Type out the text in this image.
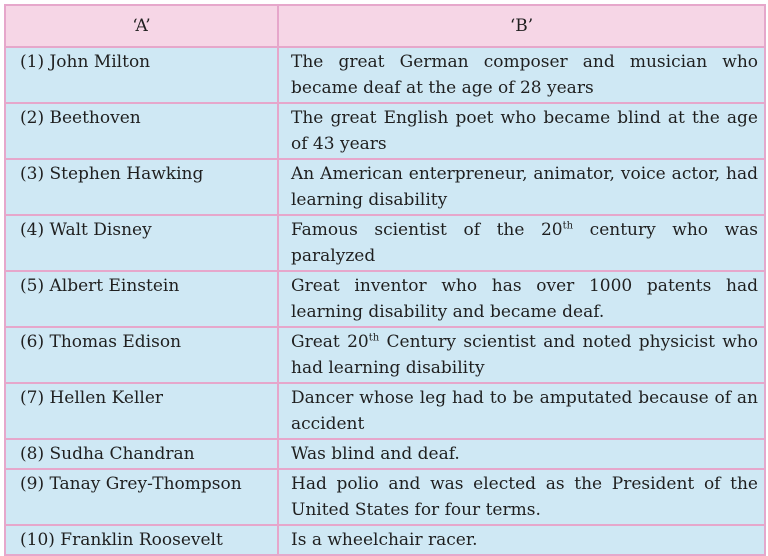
‘A’	‘B’
(1) John Milton	The great German composer and musician who became deaf at the age of 28 years
(2) Beethoven	The great English poet who became blind at the age of 43 years
(3) Stephen Hawking	An American enterpreneur, animator, voice actor, had learning disability
(4) Walt Disney	Famous scientist of the 20th century who was paralyzed
(5) Albert Einstein	Great inventor who has over 1000 patents had learning disability and became deaf.
(6) Thomas Edison	Great 20th Century scientist and noted physicist who had learning disability
(7) Hellen Keller	Dancer whose leg had to be amputated because of an accident
(8) Sudha Chandran	Was blind and deaf.
(9) Tanay Grey-Thompson	Had polio and was elected as the President of the United States for four terms.
(10) Franklin Roosevelt	Is a wheelchair racer.
